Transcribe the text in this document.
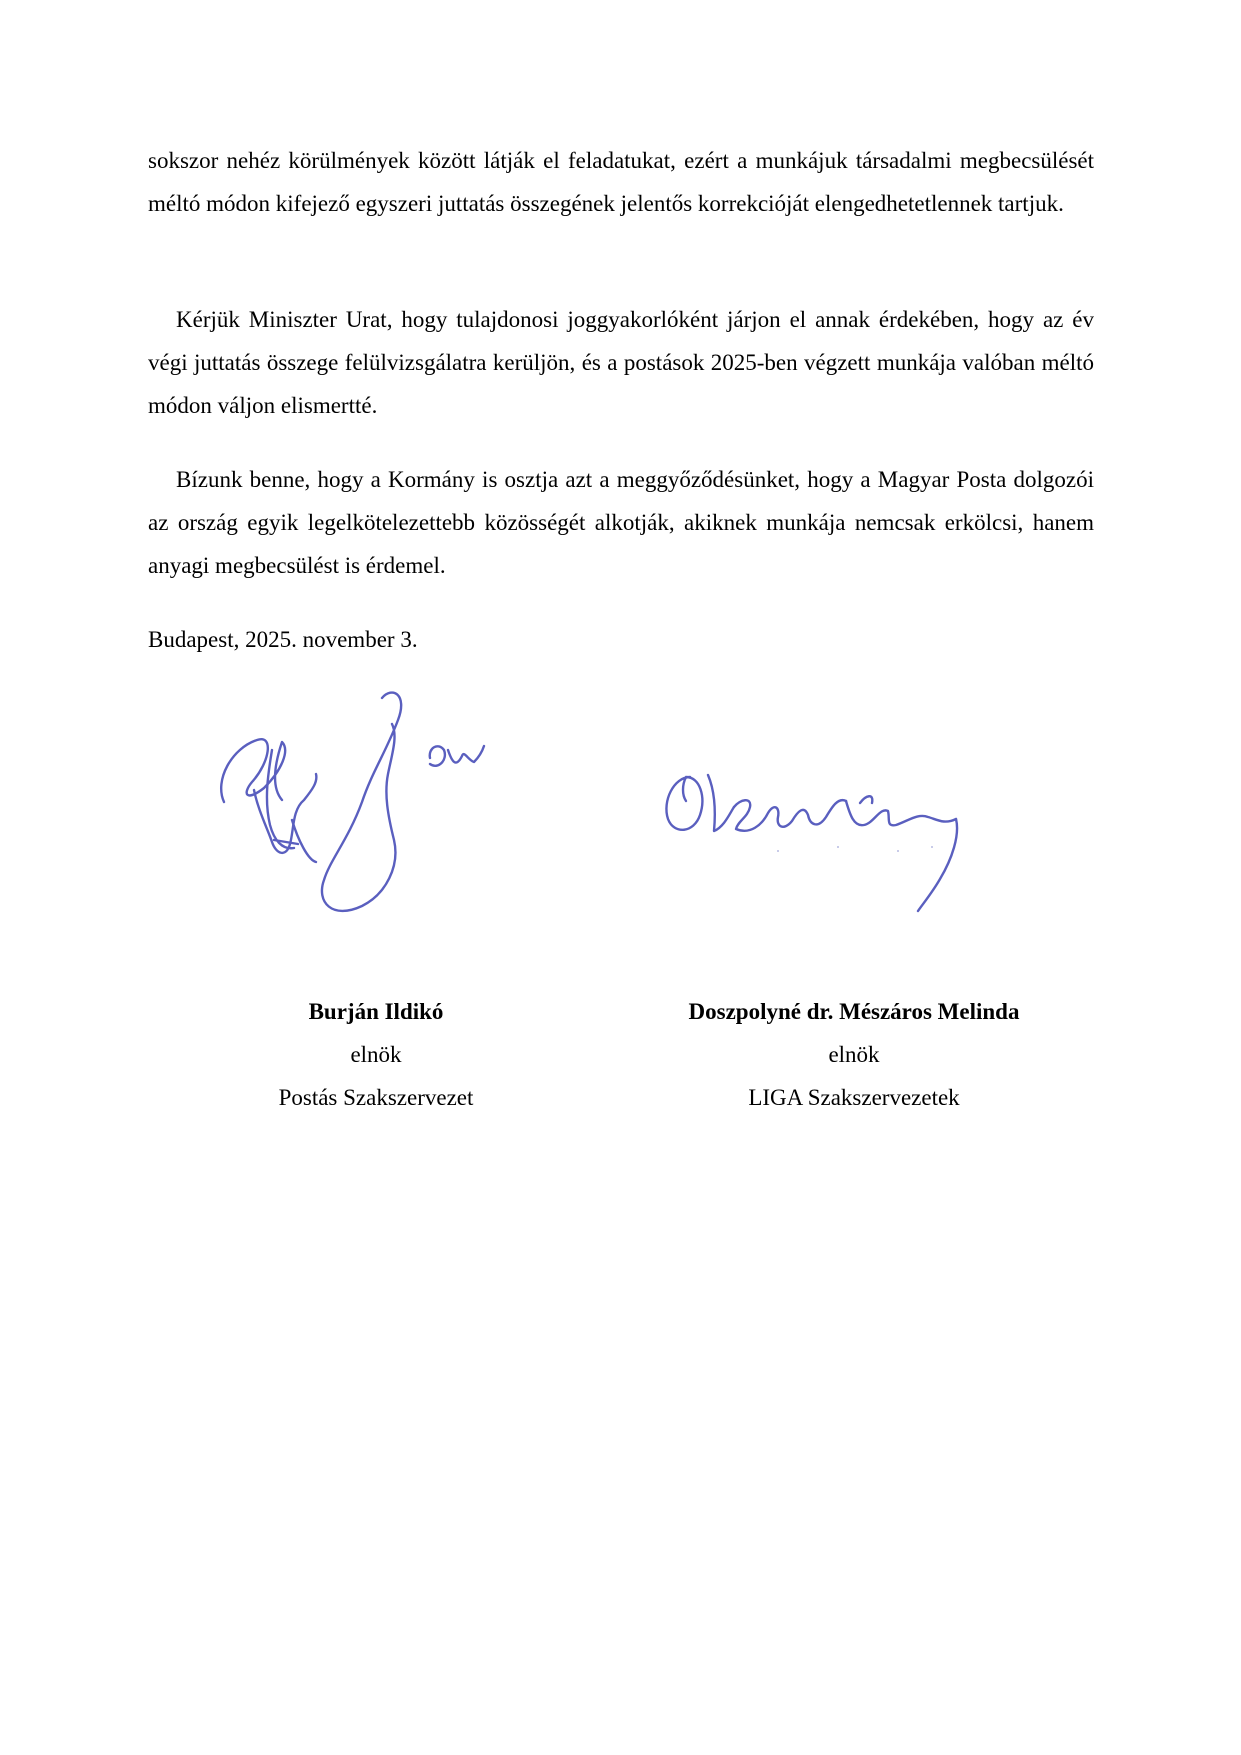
sokszor nehéz körülmények között látják el feladatukat, ezért a munkájuk társadalmi megbecsülését méltó módon kifejező egyszeri juttatás összegének jelentős korrekcióját elengedhetetlennek tartjuk.

Kérjük Miniszter Urat, hogy tulajdonosi joggyakorlóként járjon el annak érdekében, hogy az év végi juttatás összege felülvizsgálatra kerüljön, és a postások 2025-ben végzett munkája valóban méltó módon váljon elismertté.

Bízunk benne, hogy a Kormány is osztja azt a meggyőződésünket, hogy a Magyar Posta dolgozói az ország egyik legelkötelezettebb közösségét alkotják, akiknek munkája nemcsak erkölcsi, hanem anyagi megbecsülést is érdemel.

Budapest, 2025. november 3.
Burján Ildikó
elnök
Postás Szakszervezet
Doszpolyné dr. Mészáros Melinda
elnök
LIGA Szakszervezetek
